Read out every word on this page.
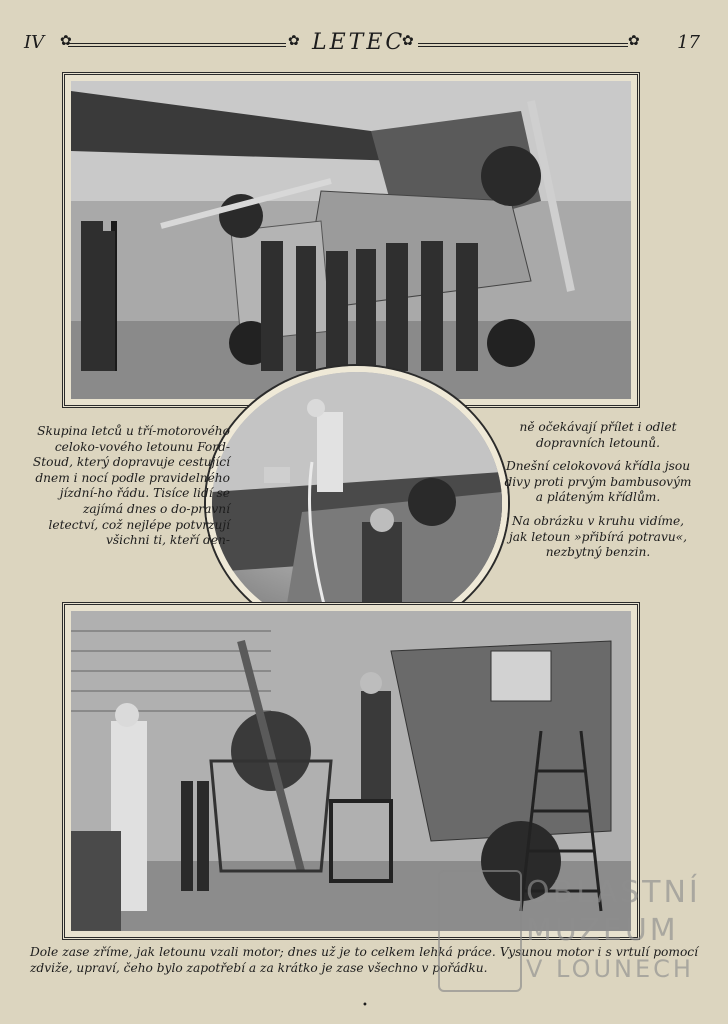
IV ✿	✿ LETEC
✿	✿ 17
Skupina letců u tří-motorového celoko-vového letounu Ford-Stoud, který dopravuje cestující dnem i nocí podle pravidelného jízdní-ho řádu. Tisíce lidí se zajímá dnes o do-pravní letectví, což nejlépe potvrzují všichni ti, kteří den-

ně očekávají přílet i odlet dopravních letounů.

Dnešní celokovová křídla jsou divy proti prvým bambusovým a pláteným křídlům.

Na obrázku v kruhu vidíme, jak letoun »přibírá potravu«, nezbytný benzin.

Dole zase zříme, jak letounu vzali motor; dnes už je to celkem lehká práce. Vysunou motor i s vrtulí pomocí zdviže, upraví, čeho bylo zapotřebí a za krátko je zase všechno v pořádku.
OBLASTNÍ
MUZEUM
V LOUNECH
•
